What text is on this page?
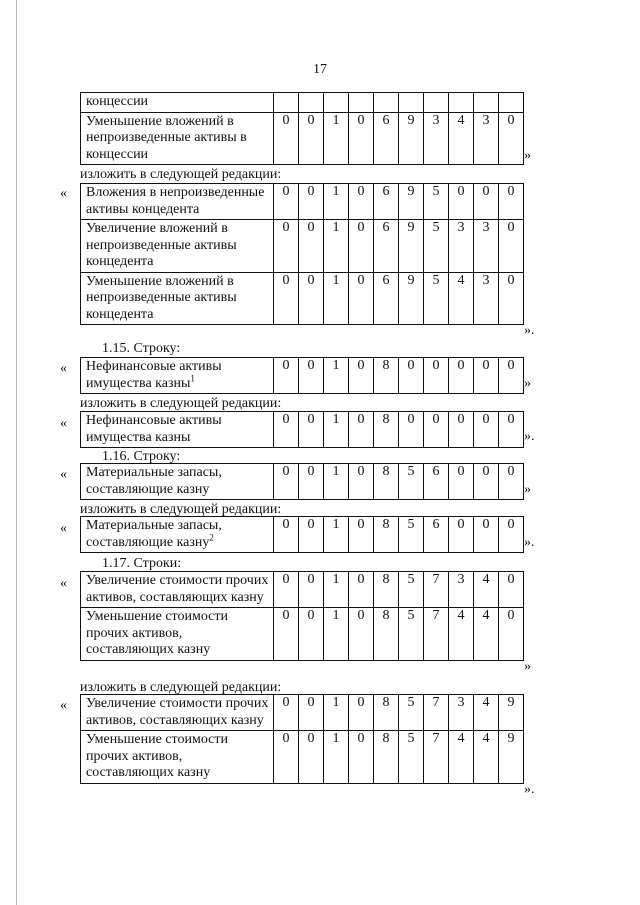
17
концессии										
Уменьшение вложений в непроизведенные активы в концессии	0	0	1	0	6	9	3	4	3	0
»
изложить в следующей редакции:
« Вложения в непроизведенные активы концедента	0	0	1	0	6	9	5	0	0	0
Увеличение вложений в непроизведенные активы концедента	0	0	1	0	6	9	5	3	3	0
Уменьшение вложений в непроизведенные активы концедента	0	0	1	0	6	9	5	4	3	0
».
1.15. Строку:
« Нефинансовые активы имущества казны$^1$	0	0	1	0	8	0	0	0	0	0
»
изложить в следующей редакции:
« Нефинансовые активы имущества казны	0	0	1	0	8	0	0	0	0	0
».
1.16. Строку:
« Материальные запасы, составляющие казну	0	0	1	0	8	5	6	0	0	0
»
изложить в следующей редакции:
« Материальные запасы, составляющие казну$^2$	0	0	1	0	8	5	6	0	0	0
».
1.17. Строки:
« Увеличение стоимости прочих активов, составляющих казну	0	0	1	0	8	5	7	3	4	0
Уменьшение стоимости прочих активов, составляющих казну	0	0	1	0	8	5	7	4	4	0
»
изложить в следующей редакции:
« Увеличение стоимости прочих активов, составляющих казну	0	0	1	0	8	5	7	3	4	9
Уменьшение стоимости прочих активов, составляющих казну	0	0	1	0	8	5	7	4	4	9
».
